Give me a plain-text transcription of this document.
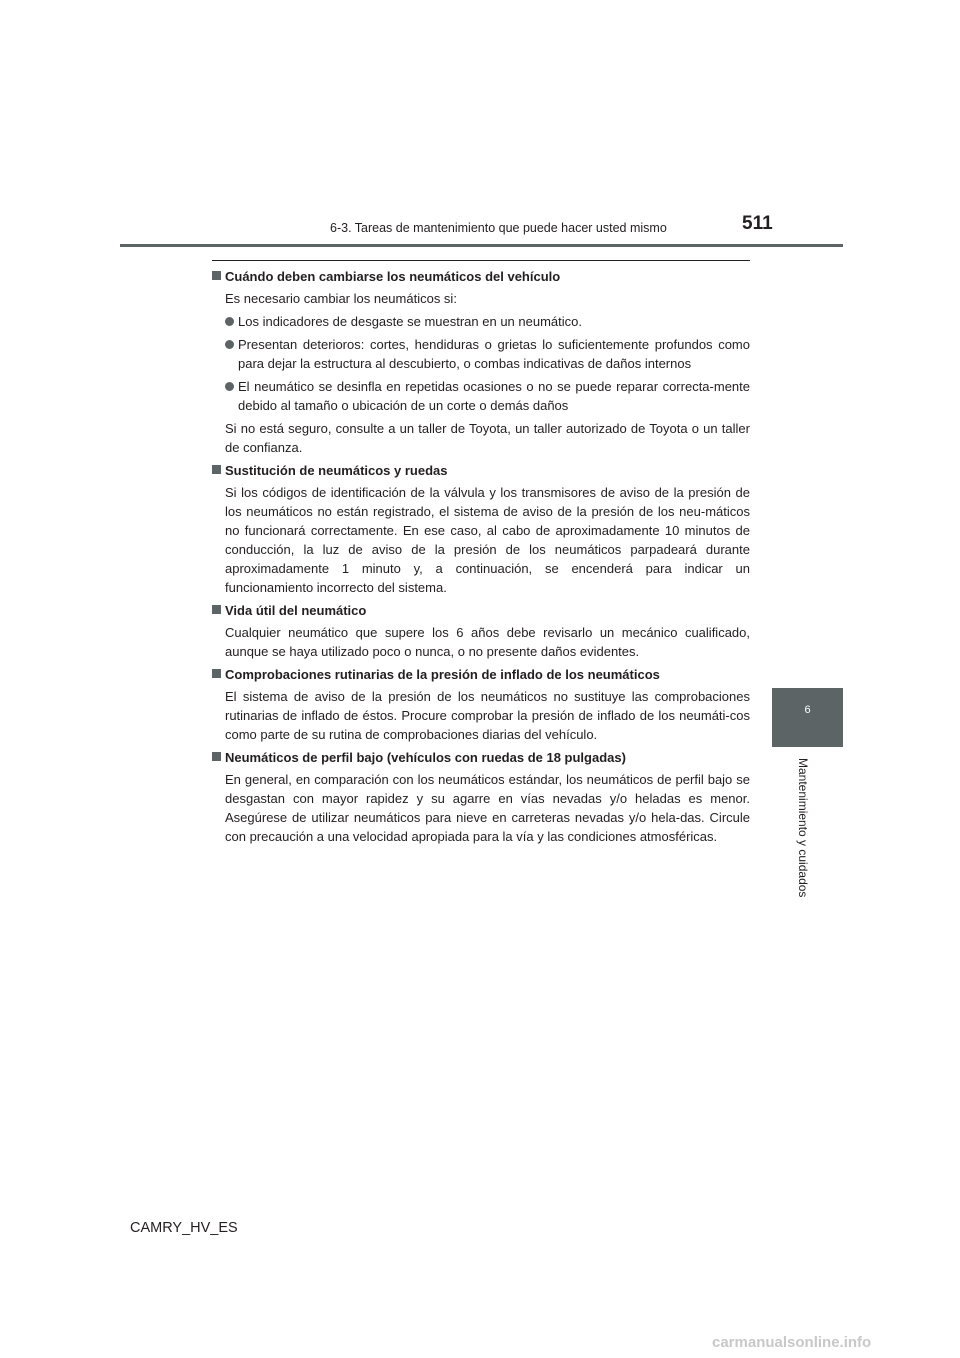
6-3. Tareas de mantenimiento que puede hacer usted mismo	511
6
Mantenimiento y cuidados
Cuándo deben cambiarse los neumáticos del vehículo
Es necesario cambiar los neumáticos si:
Los indicadores de desgaste se muestran en un neumático.
Presentan deterioros: cortes, hendiduras o grietas lo suficientemente profundos como para dejar la estructura al descubierto, o combas indicativas de daños internos
El neumático se desinfla en repetidas ocasiones o no se puede reparar correcta-mente debido al tamaño o ubicación de un corte o demás daños
Si no está seguro, consulte a un taller de Toyota, un taller autorizado de Toyota o un taller de confianza.
Sustitución de neumáticos y ruedas
Si los códigos de identificación de la válvula y los transmisores de aviso de la presión de los neumáticos no están registrado, el sistema de aviso de la presión de los neu-máticos no funcionará correctamente. En ese caso, al cabo de aproximadamente 10 minutos de conducción, la luz de aviso de la presión de los neumáticos parpadeará durante aproximadamente 1 minuto y, a continuación, se encenderá para indicar un funcionamiento incorrecto del sistema.
Vida útil del neumático
Cualquier neumático que supere los 6 años debe revisarlo un mecánico cualificado, aunque se haya utilizado poco o nunca, o no presente daños evidentes.
Comprobaciones rutinarias de la presión de inflado de los neumáticos
El sistema de aviso de la presión de los neumáticos no sustituye las comprobaciones rutinarias de inflado de éstos. Procure comprobar la presión de inflado de los neumáti-cos como parte de su rutina de comprobaciones diarias del vehículo.
Neumáticos de perfil bajo (vehículos con ruedas de 18 pulgadas)
En general, en comparación con los neumáticos estándar, los neumáticos de perfil bajo se desgastan con mayor rapidez y su agarre en vías nevadas y/o heladas es menor. Asegúrese de utilizar neumáticos para nieve en carreteras nevadas y/o hela-das. Circule con precaución a una velocidad apropiada para la vía y las condiciones atmosféricas.
CAMRY_HV_ES
carmanualsonline.info
